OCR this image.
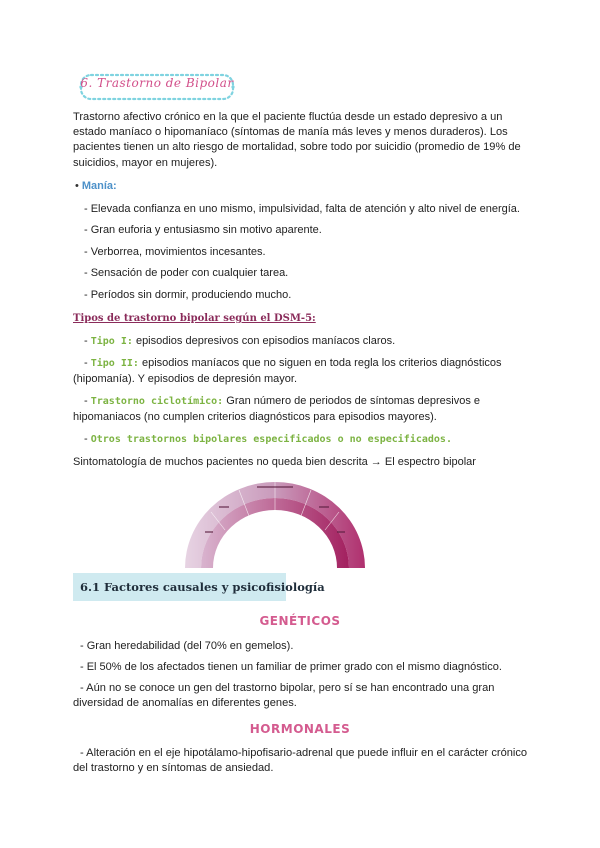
6. Trastorno de Bipolar
Trastorno afectivo crónico en la que el paciente fluctúa desde un estado depresivo a un estado maníaco o hipomaníaco (síntomas de manía más leves y menos duraderos). Los pacientes tienen un alto riesgo de mortalidad, sobre todo por suicidio (promedio de 19% de suicidios, mayor en mujeres).
• Manía:
- Elevada confianza en uno mismo, impulsividad, falta de atención y alto nivel de energía.
- Gran euforia y entusiasmo sin motivo aparente.
- Verborrea, movimientos incesantes.
- Sensación de poder con cualquier tarea.
- Períodos sin dormir, produciendo mucho.
Tipos de trastorno bipolar según el DSM-5:
- Tipo I: episodios depresivos con episodios maníacos claros.
- Tipo II: episodios maníacos que no siguen en toda regla los criterios diagnósticos (hipomanía). Y episodios de depresión mayor.
- Trastorno ciclotímico: Gran número de periodos de síntomas depresivos e hipomaniacos (no cumplen criterios diagnósticos para episodios mayores).
- Otros trastornos bipolares especificados o no especificados.
Sintomatología de muchos pacientes no queda bien descrita → El espectro bipolar
6.1 Factores causales y psicofisiología
GENÉTICOS
- Gran heredabilidad (del 70% en gemelos).
- El 50% de los afectados tienen un familiar de primer grado con el mismo diagnóstico.
- Aún no se conoce un gen del trastorno bipolar, pero sí se han encontrado una gran diversidad de anomalías en diferentes genes.
HORMONALES
- Alteración en el eje hipotálamo-hipofisario-adrenal que puede influir en el carácter crónico del trastorno y en síntomas de ansiedad.
